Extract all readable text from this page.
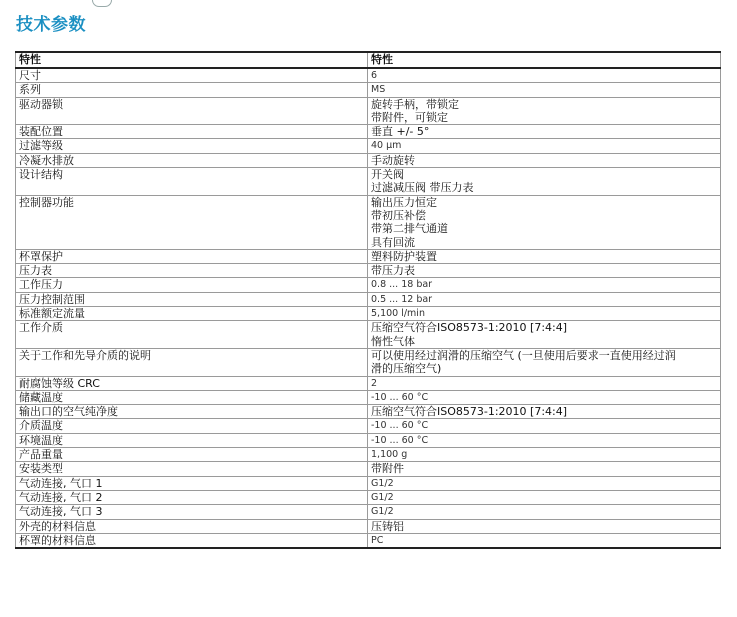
技术参数
特性	特性
尺寸	6
系列	MS
驱动器锁	旋转手柄，带锁定
带附件，可锁定
装配位置	垂直 +/- 5°
过滤等级	40 µm
冷凝水排放	手动旋转
设计结构	开关阀
过滤减压阀 带压力表
控制器功能	输出压力恒定
带初压补偿
带第二排气通道
具有回流
杯罩保护	塑料防护装置
压力表	带压力表
工作压力	0.8 ... 18 bar
压力控制范围	0.5 ... 12 bar
标准额定流量	5,100 l/min
工作介质	压缩空气符合ISO8573-1:2010 [7:4:4]
惰性气体
关于工作和先导介质的说明	可以使用经过润滑的压缩空气 (一旦使用后要求一直使用经过润
滑的压缩空气)
耐腐蚀等级 CRC	2
储藏温度	-10 ... 60 °C
输出口的空气纯净度	压缩空气符合ISO8573-1:2010 [7:4:4]
介质温度	-10 ... 60 °C
环境温度	-10 ... 60 °C
产品重量	1,100 g
安装类型	带附件
气动连接, 气口 1	G1/2
气动连接, 气口 2	G1/2
气动连接, 气口 3	G1/2
外壳的材料信息	压铸铝
杯罩的材料信息	PC
